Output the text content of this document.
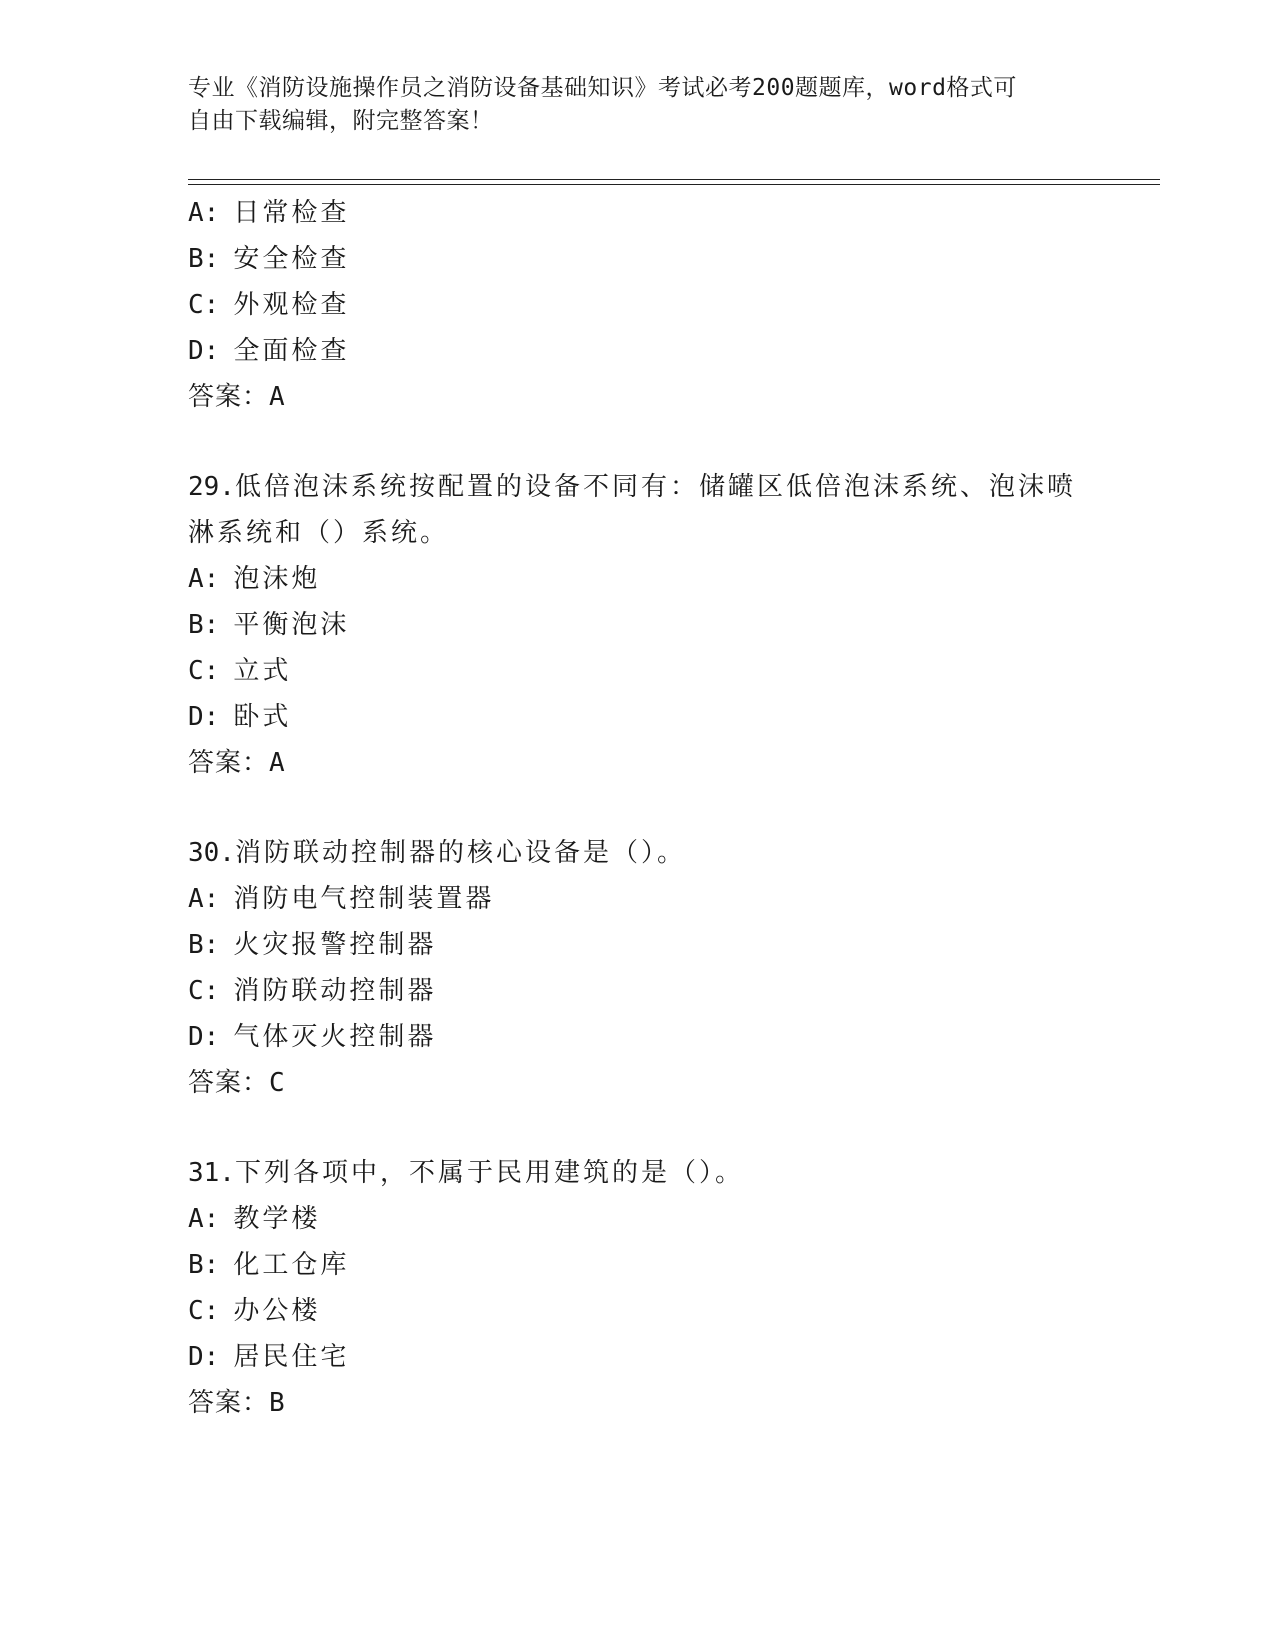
专业《消防设施操作员之消防设备基础知识》考试必考200题题库，word格式可
自由下载编辑，附完整答案！
A: 日常检查
B: 安全检查
C: 外观检查
D: 全面检查
答案：A
29.低倍泡沫系统按配置的设备不同有：储罐区低倍泡沫系统、泡沫喷
淋系统和（）系统。
A: 泡沫炮
B: 平衡泡沫
C: 立式
D: 卧式
答案：A
30.消防联动控制器的核心设备是（）。
A: 消防电气控制装置器
B: 火灾报警控制器
C: 消防联动控制器
D: 气体灭火控制器
答案：C
31.下列各项中，不属于民用建筑的是（）。
A: 教学楼
B: 化工仓库
C: 办公楼
D: 居民住宅
答案：B
